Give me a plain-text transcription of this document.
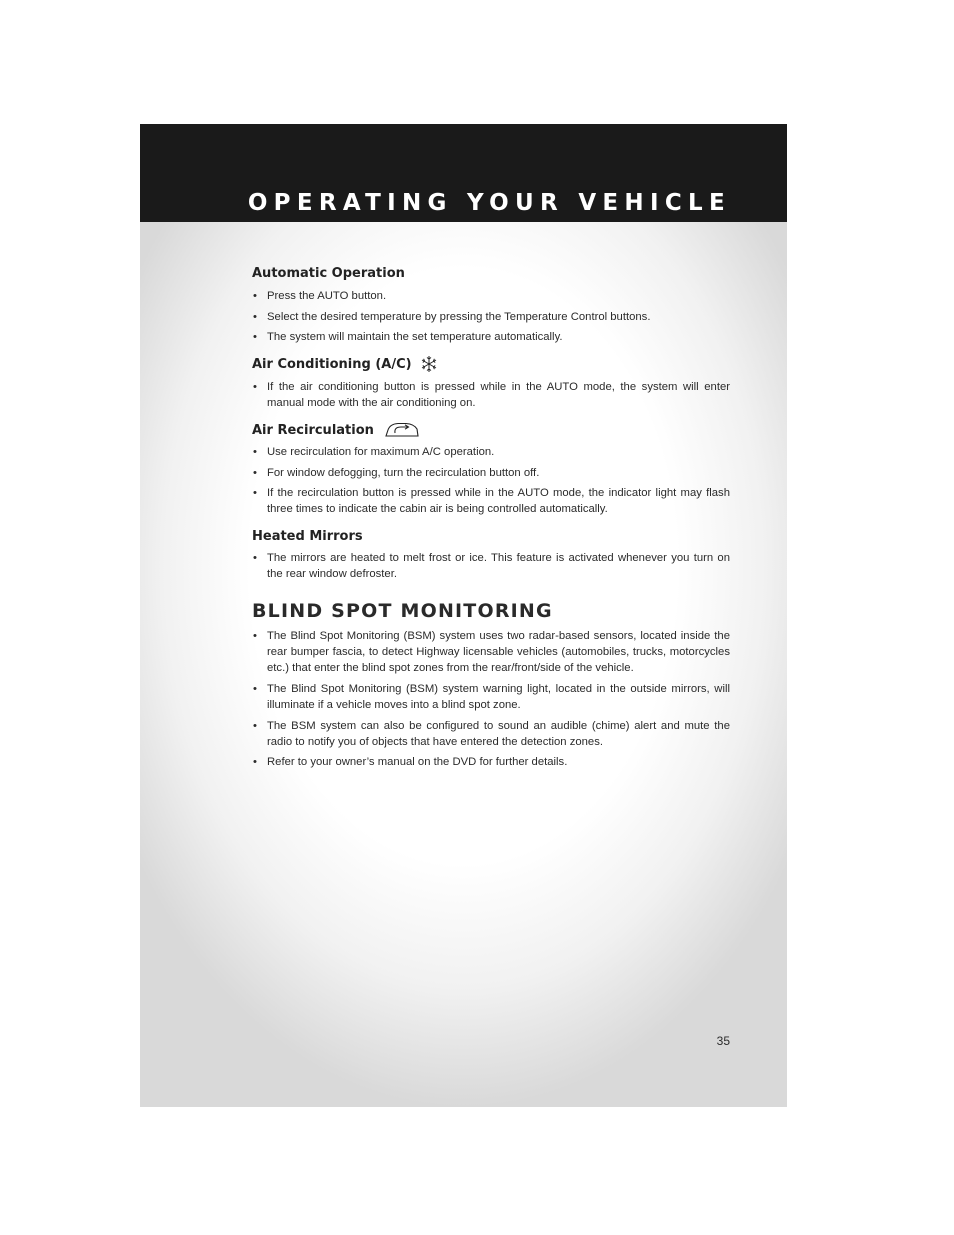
OPERATING YOUR VEHICLE
Automatic Operation
• Press the AUTO button.
• Select the desired temperature by pressing the Temperature Control buttons.
• The system will maintain the set temperature automatically.
Air Conditioning (A/C)
• If the air conditioning button is pressed while in the AUTO mode, the system will enter manual mode with the air conditioning on.
Air Recirculation
• Use recirculation for maximum A/C operation.
• For window defogging, turn the recirculation button off.
• If the recirculation button is pressed while in the AUTO mode, the indicator light may flash three times to indicate the cabin air is being controlled automatically.
Heated Mirrors
• The mirrors are heated to melt frost or ice. This feature is activated whenever you turn on the rear window defroster.
BLIND SPOT MONITORING
• The Blind Spot Monitoring (BSM) system uses two radar-based sensors, located inside the rear bumper fascia, to detect Highway licensable vehicles (automobiles, trucks, motorcycles etc.) that enter the blind spot zones from the rear/front/side of the vehicle.
• The Blind Spot Monitoring (BSM) system warning light, located in the outside mirrors, will illuminate if a vehicle moves into a blind spot zone.
• The BSM system can also be configured to sound an audible (chime) alert and mute the radio to notify you of objects that have entered the detection zones.
• Refer to your owner’s manual on the DVD for further details.
35
